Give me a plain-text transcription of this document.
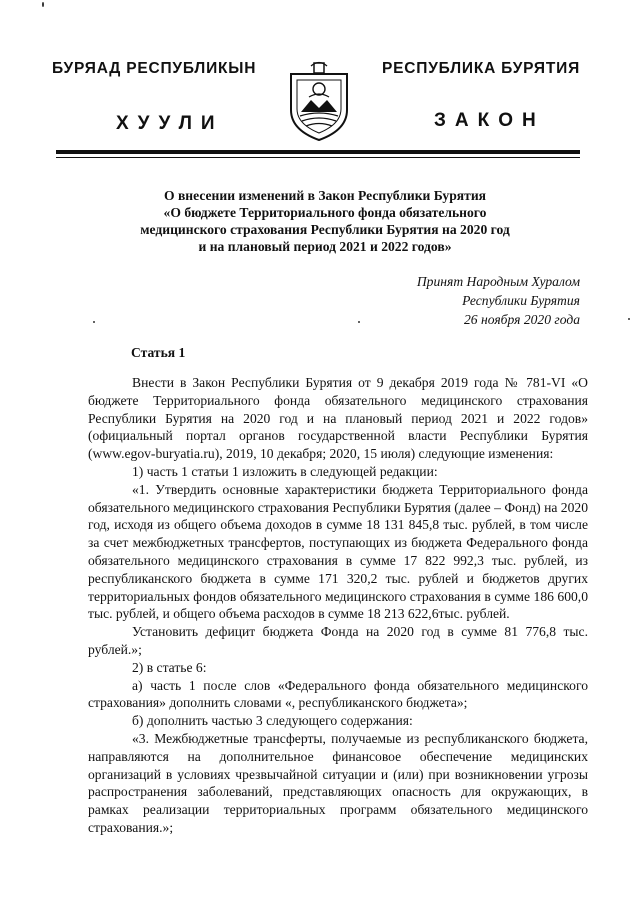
БУРЯАД РЕСПУБЛИКЫН	РЕСПУБЛИКА БУРЯТИЯ
ХУУЛИ	ЗАКОН
О внесении изменений в Закон Республики Бурятия
«О бюджете Территориального фонда обязательного
медицинского страхования Республики Бурятия на 2020 год
и на плановый период 2021 и 2022 годов»
Принят Народным Хуралом
Республики Бурятия
26 ноября 2020 года
Статья 1

Внести в Закон Республики Бурятия от 9 декабря 2019 года № 781-VI «О бюджете Территориального фонда обязательного медицинского страхования Республики Бурятия на 2020 год и на плановый период 2021 и 2022 годов» (официальный портал органов государственной власти Республики Бурятия (www.egov-buryatia.ru), 2019, 10 декабря; 2020, 15 июля) следующие изменения:

1) часть 1 статьи 1 изложить в следующей редакции:

«1. Утвердить основные характеристики бюджета Территориального фонда обязательного медицинского страхования Республики Бурятия (далее – Фонд) на 2020 год, исходя из общего объема доходов в сумме 18 131 845,8 тыс. рублей, в том числе за счет межбюджетных трансфертов, поступающих из бюджета Федерального фонда обязательного медицинского страхования в сумме 17 822 992,3 тыс. рублей, из республиканского бюджета в сумме 171 320,2 тыс. рублей и бюджетов других территориальных фондов обязательного медицинского страхования в сумме 186 600,0 тыс. рублей, и общего объема расходов в сумме 18 213 622,6тыс. рублей.

Установить дефицит бюджета Фонда на 2020 год в сумме 81 776,8 тыс. рублей.»;

2) в статье 6:

а) часть 1 после слов «Федерального фонда обязательного медицинского страхования» дополнить словами «, республиканского бюджета»;

б) дополнить частью 3 следующего содержания:

«3. Межбюджетные трансферты, получаемые из республиканского бюджета, направляются на дополнительное финансовое обеспечение медицинских организаций в условиях чрезвычайной ситуации и (или) при возникновении угрозы распространения заболеваний, представляющих опасность для окружающих, в рамках реализации территориальных программ обязательного медицинского страхования.»;
